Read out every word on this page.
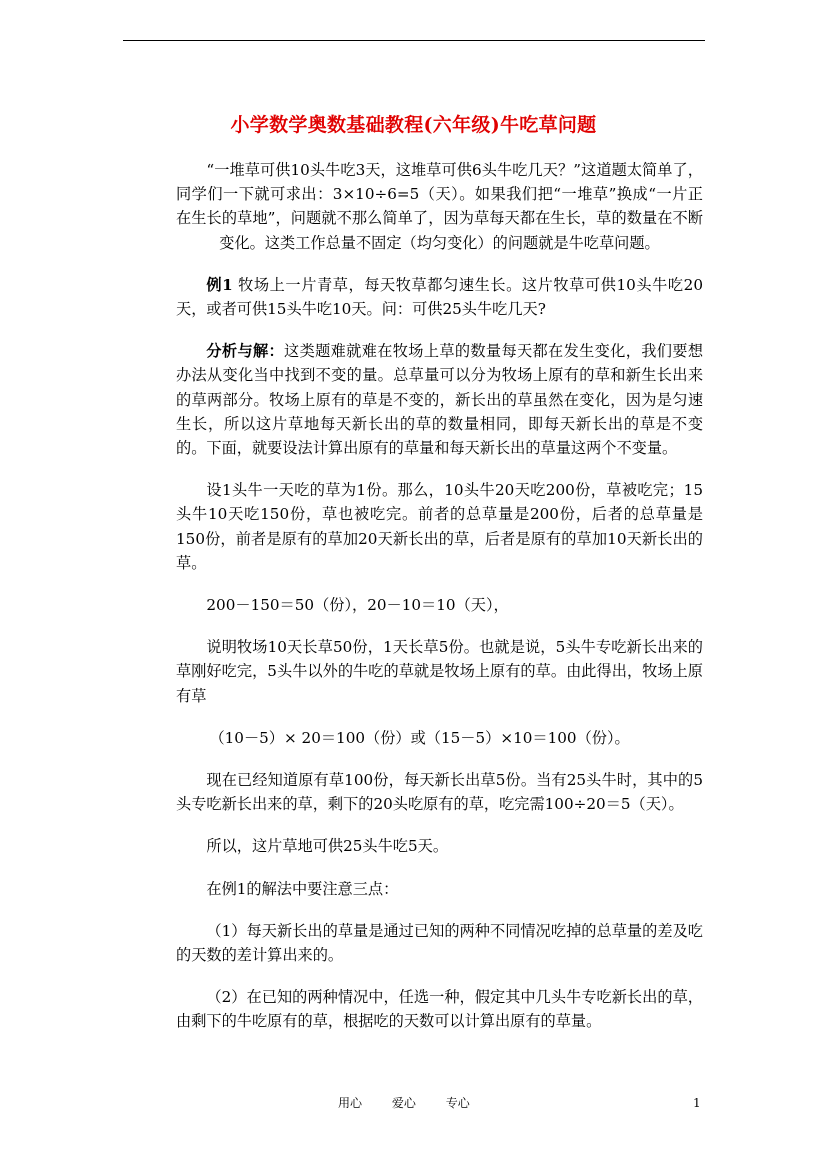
小学数学奥数基础教程(六年级)牛吃草问题

“一堆草可供10头牛吃3天，这堆草可供6头牛吃几天？”这道题太简单了，同学们一下就可求出：3×10÷6=5（天）。如果我们把“一堆草”换成“一片正在生长的草地”，问题就不那么简单了，因为草每天都在生长，草的数量在不断变化。这类工作总量不固定（均匀变化）的问题就是牛吃草问题。

例1 牧场上一片青草，每天牧草都匀速生长。这片牧草可供10头牛吃20天，或者可供15头牛吃10天。问：可供25头牛吃几天?

分析与解：这类题难就难在牧场上草的数量每天都在发生变化，我们要想办法从变化当中找到不变的量。总草量可以分为牧场上原有的草和新生长出来的草两部分。牧场上原有的草是不变的，新长出的草虽然在变化，因为是匀速生长，所以这片草地每天新长出的草的数量相同，即每天新长出的草是不变的。下面，就要设法计算出原有的草量和每天新长出的草量这两个不变量。

设1头牛一天吃的草为1份。那么，10头牛20天吃200份，草被吃完；15头牛10天吃150份，草也被吃完。前者的总草量是200份，后者的总草量是150份，前者是原有的草加20天新长出的草，后者是原有的草加10天新长出的草。

200－150＝50（份），20－10＝10（天），

说明牧场10天长草50份，1天长草5份。也就是说，5头牛专吃新长出来的草刚好吃完，5头牛以外的牛吃的草就是牧场上原有的草。由此得出，牧场上原有草

（10－5）× 20＝100（份）或（15－5）×10＝100（份）。

现在已经知道原有草100份，每天新长出草5份。当有25头牛时，其中的5头专吃新长出来的草，剩下的20头吃原有的草，吃完需100÷20＝5（天）。

所以，这片草地可供25头牛吃5天。

在例1的解法中要注意三点：

（1）每天新长出的草量是通过已知的两种不同情况吃掉的总草量的差及吃的天数的差计算出来的。

（2）在已知的两种情况中，任选一种，假定其中几头牛专吃新长出的草，由剩下的牛吃原有的草，根据吃的天数可以计算出原有的草量。

用心 爱心 专心	1
